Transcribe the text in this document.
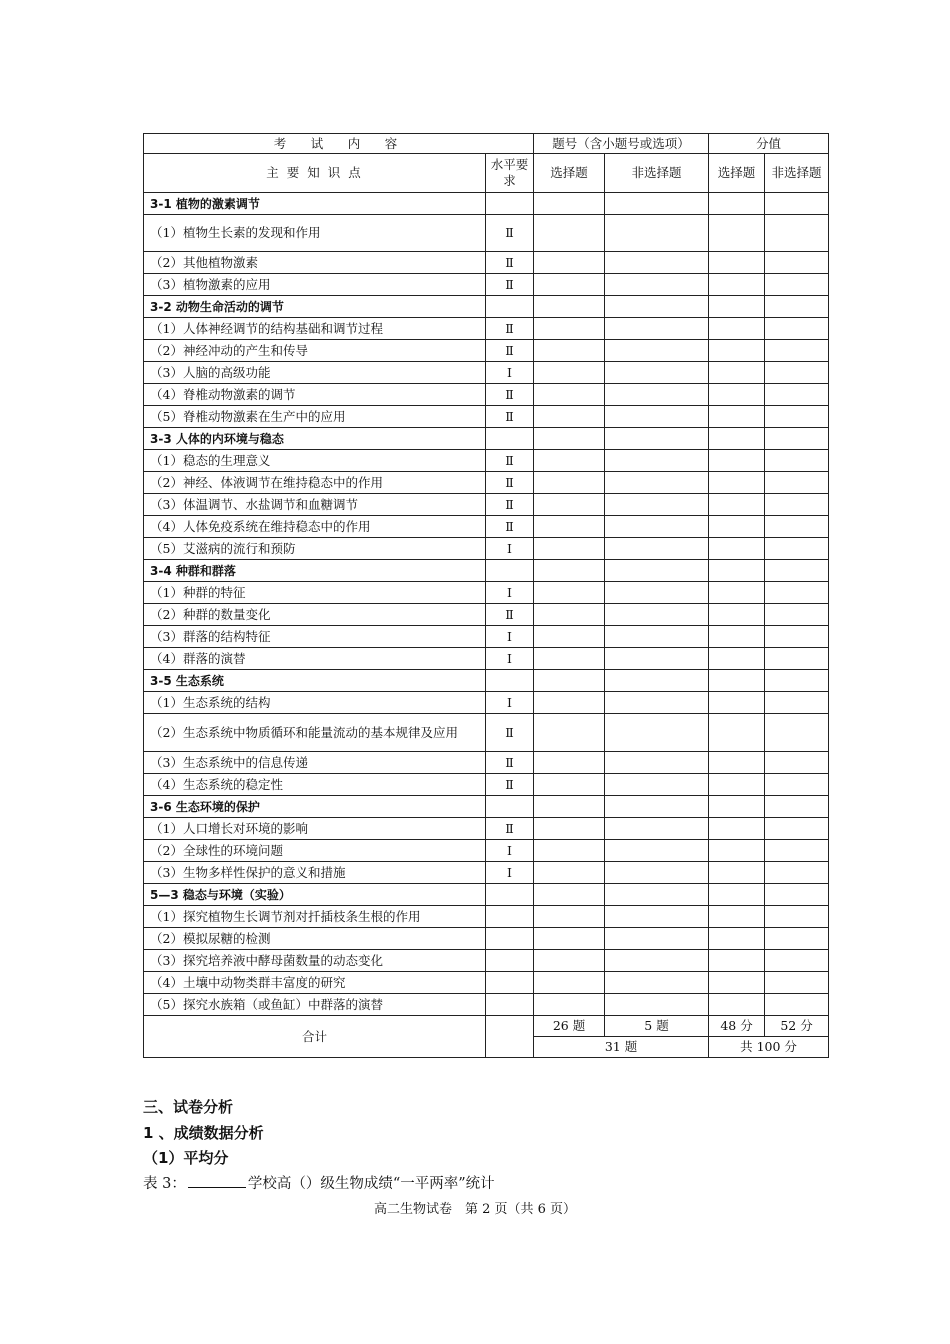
考　试　内　容		题号（含小题号或选项）		分值	
主 要 知 识 点	水平要求	选择题	非选择题	选择题	非选择题
3-1 植物的激素调节					
（1）植物生长素的发现和作用	Ⅱ				
（2）其他植物激素	Ⅱ				
（3）植物激素的应用	Ⅱ				
3-2 动物生命活动的调节					
（1）人体神经调节的结构基础和调节过程	Ⅱ				
（2）神经冲动的产生和传导	Ⅱ				
（3）人脑的高级功能	Ⅰ				
（4）脊椎动物激素的调节	Ⅱ				
（5）脊椎动物激素在生产中的应用	Ⅱ				
3-3 人体的内环境与稳态					
（1）稳态的生理意义	Ⅱ				
（2）神经、体液调节在维持稳态中的作用	Ⅱ				
（3）体温调节、水盐调节和血糖调节	Ⅱ				
（4）人体免疫系统在维持稳态中的作用	Ⅱ				
（5）艾滋病的流行和预防	Ⅰ				
3-4 种群和群落					
（1）种群的特征	Ⅰ				
（2）种群的数量变化	Ⅱ				
（3）群落的结构特征	Ⅰ				
（4）群落的演替	Ⅰ				
3-5 生态系统					
（1）生态系统的结构	Ⅰ				
（2）生态系统中物质循环和能量流动的基本规律及应用	Ⅱ				
（3）生态系统中的信息传递	Ⅱ				
（4）生态系统的稳定性	Ⅱ				
3-6 生态环境的保护					
（1）人口增长对环境的影响	Ⅱ				
（2）全球性的环境问题	Ⅰ				
（3）生物多样性保护的意义和措施	Ⅰ				
5—3 稳态与环境（实验）					
（1）探究植物生长调节剂对扦插枝条生根的作用					
（2）模拟尿糖的检测					
（3）探究培养液中酵母菌数量的动态变化					
（4）土壤中动物类群丰富度的研究					
（5）探究水族箱（或鱼缸）中群落的演替					
合计		26 题	5 题	48 分	52 分
		31 题		共 100 分	
三、试卷分析
1 、成绩数据分析
（1）平均分
表 3：	学校高（）级生物成绩“一平两率”统计
高二生物试卷　第 2 页（共 6 页）
